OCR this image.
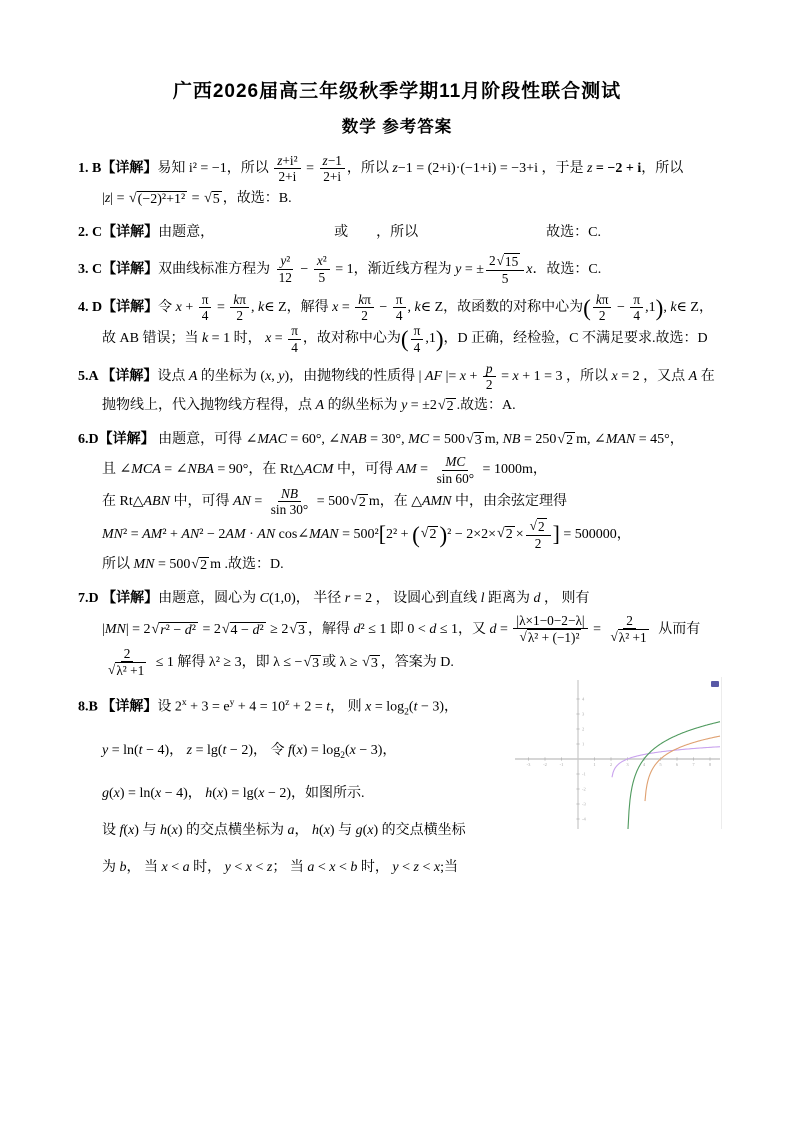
广西2026届高三年级秋季学期11月阶段性联合测试
数学 参考答案
1. B【详解】易知 i² = −1，所以 $\frac{\text{z+i²}}{2+i} = \frac{z-1}{2+i}$ ，所以 z−1 = (2+i)·(−1+i) = −3+i ，于是 z = −2 + i，所以
|z| = √ (−2)²+1² = √ 5 ，故选：B.
2. C【详解】由题意，	或 ，所以	故选：C.
3. C【详解】双曲线标准方程为 $\frac{\text{y²}}{12} - \frac{\text{x²}}{5} = 1$，渐近线方程为 y = ± $\frac{2 √ 15}{5}$ x．故选：C.
4. D【详解】令 $x + \frac{\pi}{4} = \frac{k\pi}{2}$ , k∈ Z，解得 $x = \frac{k\pi}{2} - \frac{\pi}{4}$ , k∈ Z，故函数的对称中心为( $\frac{k\pi}{2} - \frac{\pi}{4} ,1$), k∈ Z，
故 AB 错误；当 k = 1 时， $x = \frac{\pi}{4}$ ，故对称中心为( $\frac{\pi}{4} ,1$)，D 正确，经检验，C 不满足要求.故选：D
5.A 【详解】设点 A 的坐标为 (x, y)，由抛物线的性质得 | AF |= $x + \frac{p}{2} = x + 1 = 3$ ，所以 x = 2 ，又点 A 在
抛物线上，代入抛物线方程得，点 A 的纵坐标为 y = ±2 √ 2 .故选：A.
6.D【详解】 由题意，可得 ∠MAC = 60°, ∠NAB = 30°, MC = 500 √ 3 m, NB = 250 √ 2 m, ∠MAN = 45°，
且 ∠MCA = ∠NBA = 90°，在 Rt△ACM 中，可得 AM = $\frac{MC}{\sin 60^\circ} = 1000m$，
在 Rt△ABN 中，可得 AN = $\frac{NB}{\sin 30^\circ} = 500$ √ 2 m，在 △AMN 中，由余弦定理得
MN² = AM² + AN² − 2AM · AN cos∠MAN = 500²[2² + ( √ 2 )² − 2×2× √ $2 \times \frac{√ 2}{2}$ ] = 500000，
所以 MN = 500 √ 2 m .故选：D.
7.D 【详解】由题意，圆心为 C(1,0)， 半径 r = 2 ， 设圆心到直线 l 距离为 d ， 则有
|MN| = 2 √ r² − d² = 2 √ 4 − d² ≥ 2 √ 3 ，解得 d² ≤ 1 即 0 < d ≤ 1，又 $d = \frac{|\lambda\times 1-0-2-\lambda|}{\text{√ λ² + (−1)²}} = \frac{2}{\text{√ λ² +1}}$ 从而有
$\frac{2}{\text{√ λ² +1}} \le 1$ 解得 λ² ≥ 3，即 λ ≤ − √ 3 或 λ ≥ √ 3 ，答案为 D.
8.B 【详解】设 $2^x + 3 = e^y + 4 = 10^z + 2 = t$， 则 $x = \log_2(t - 3)$，
y = ln(t − 4)， z = lg(t − 2)， 令 $f(x) = \log_2(x - 3)$，
g(x) = ln(x − 4)， h(x) = lg(x − 2)，如图所示.
设 f(x) 与 h(x) 的交点横坐标为 a， h(x) 与 g(x) 的交点横坐标
为 b， 当 x < a 时， y < x < z； 当 a < x < b 时， y < z < x;当
-3	-2	-1	1	2	3	4	5	6	7	8
-4
-3
-2
-1
1
2
3
4
